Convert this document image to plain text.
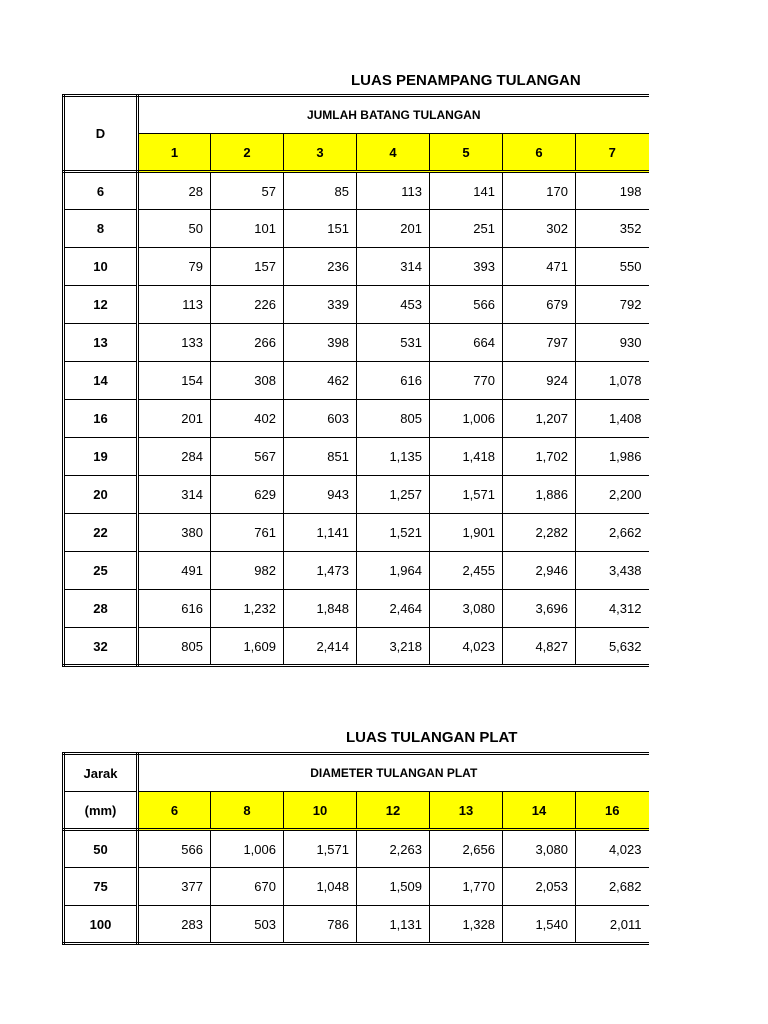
LUAS PENAMPANG TULANGAN
D	JUMLAH BATANG TULANGAN						
	1	2	3	4	5	6	7
6	28	57	85	113	141	170	198
8	50	101	151	201	251	302	352
10	79	157	236	314	393	471	550
12	113	226	339	453	566	679	792
13	133	266	398	531	664	797	930
14	154	308	462	616	770	924	1,078
16	201	402	603	805	1,006	1,207	1,408
19	284	567	851	1,135	1,418	1,702	1,986
20	314	629	943	1,257	1,571	1,886	2,200
22	380	761	1,141	1,521	1,901	2,282	2,662
25	491	982	1,473	1,964	2,455	2,946	3,438
28	616	1,232	1,848	2,464	3,080	3,696	4,312
32	805	1,609	2,414	3,218	4,023	4,827	5,632
LUAS TULANGAN PLAT
Jarak	DIAMETER TULANGAN PLAT						
(mm)	6	8	10	12	13	14	16
50	566	1,006	1,571	2,263	2,656	3,080	4,023
75	377	670	1,048	1,509	1,770	2,053	2,682
100	283	503	786	1,131	1,328	1,540	2,011
